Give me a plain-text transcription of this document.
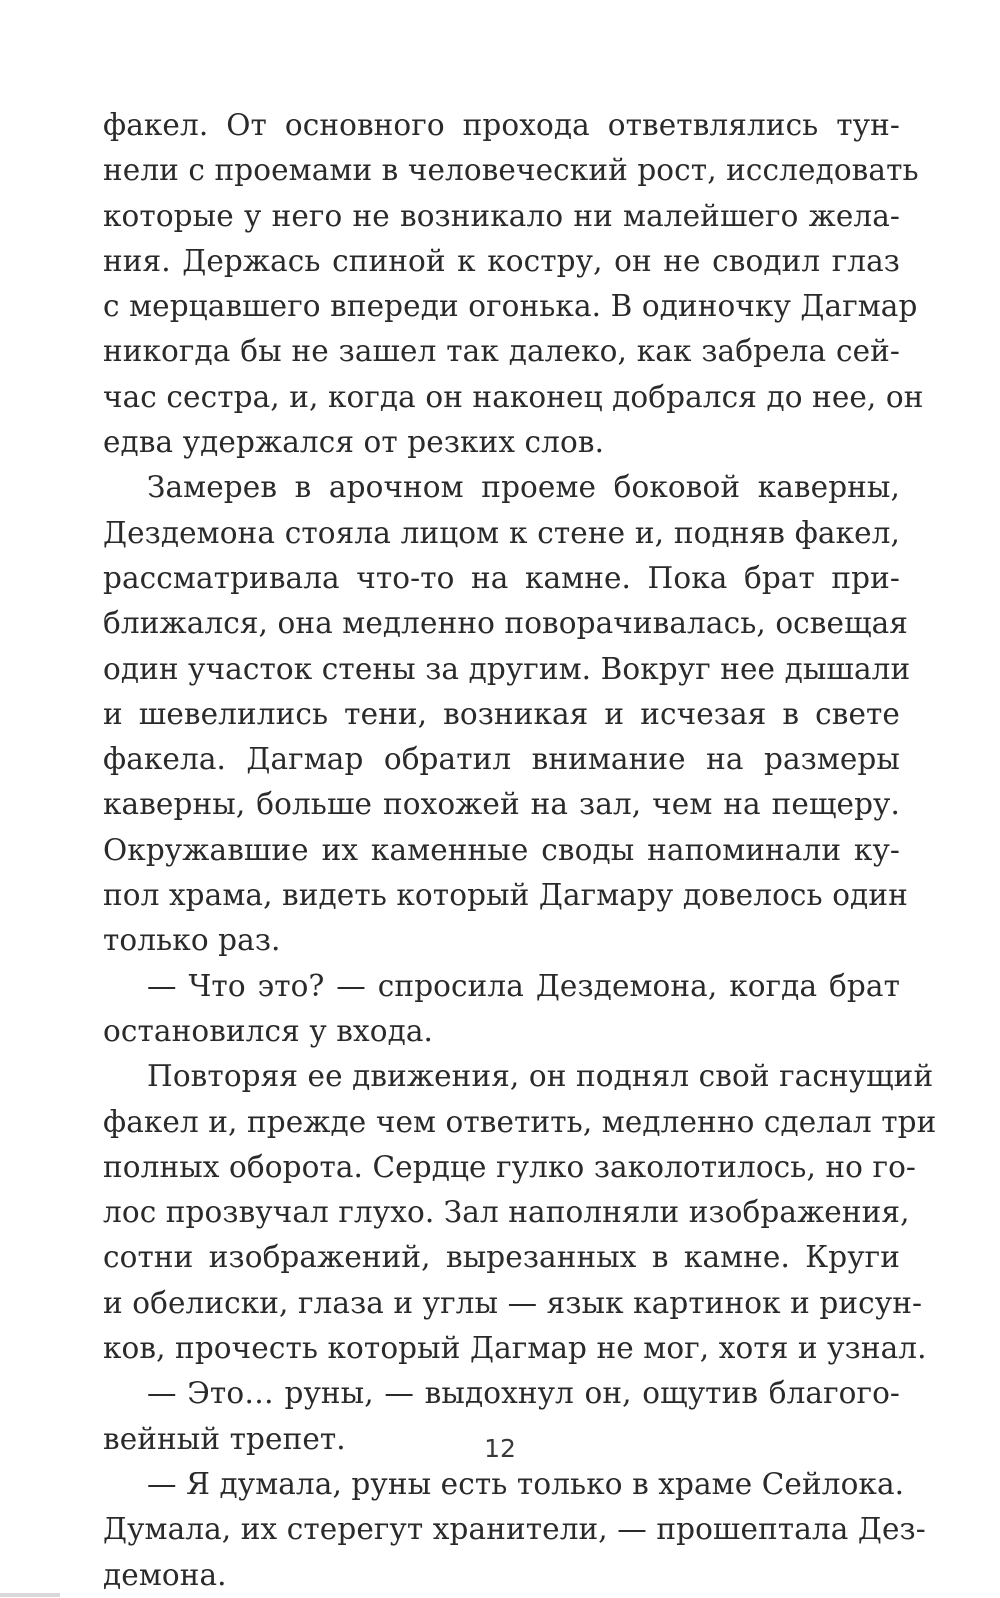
факел. От основного прохода ответвлялись тун-
нели с проемами в человеческий рост, исследовать
которые у него не возникало ни малейшего жела-
ния. Держась спиной к костру, он не сводил глаз
с мерцавшего впереди огонька. В одиночку Дагмар
никогда бы не зашел так далеко, как забрела сей-
час сестра, и, когда он наконец добрался до нее, он
едва удержался от резких слов.
Замерев в арочном проеме боковой каверны,
Дездемона стояла лицом к стене и, подняв факел,
рассматривала что-то на камне. Пока брат при-
ближался, она медленно поворачивалась, освещая
один участок стены за другим. Вокруг нее дышали
и шевелились тени, возникая и исчезая в свете
факела. Дагмар обратил внимание на размеры
каверны, больше похожей на зал, чем на пещеру.
Окружавшие их каменные своды напоминали ку-
пол храма, видеть который Дагмару довелось один
только раз.
— Что это? — спросила Дездемона, когда брат
остановился у входа.
Повторяя ее движения, он поднял свой гаснущий
факел и, прежде чем ответить, медленно сделал три
полных оборота. Сердце гулко заколотилось, но го-
лос прозвучал глухо. Зал наполняли изображения,
сотни изображений, вырезанных в камне. Круги
и обелиски, глаза и углы — язык картинок и рисун-
ков, прочесть который Дагмар не мог, хотя и узнал.
— Это… руны, — выдохнул он, ощутив благого-
вейный трепет.
— Я думала, руны есть только в храме Сейлока.
Думала, их стерегут хранители, — прошептала Дез-
демона.
12
